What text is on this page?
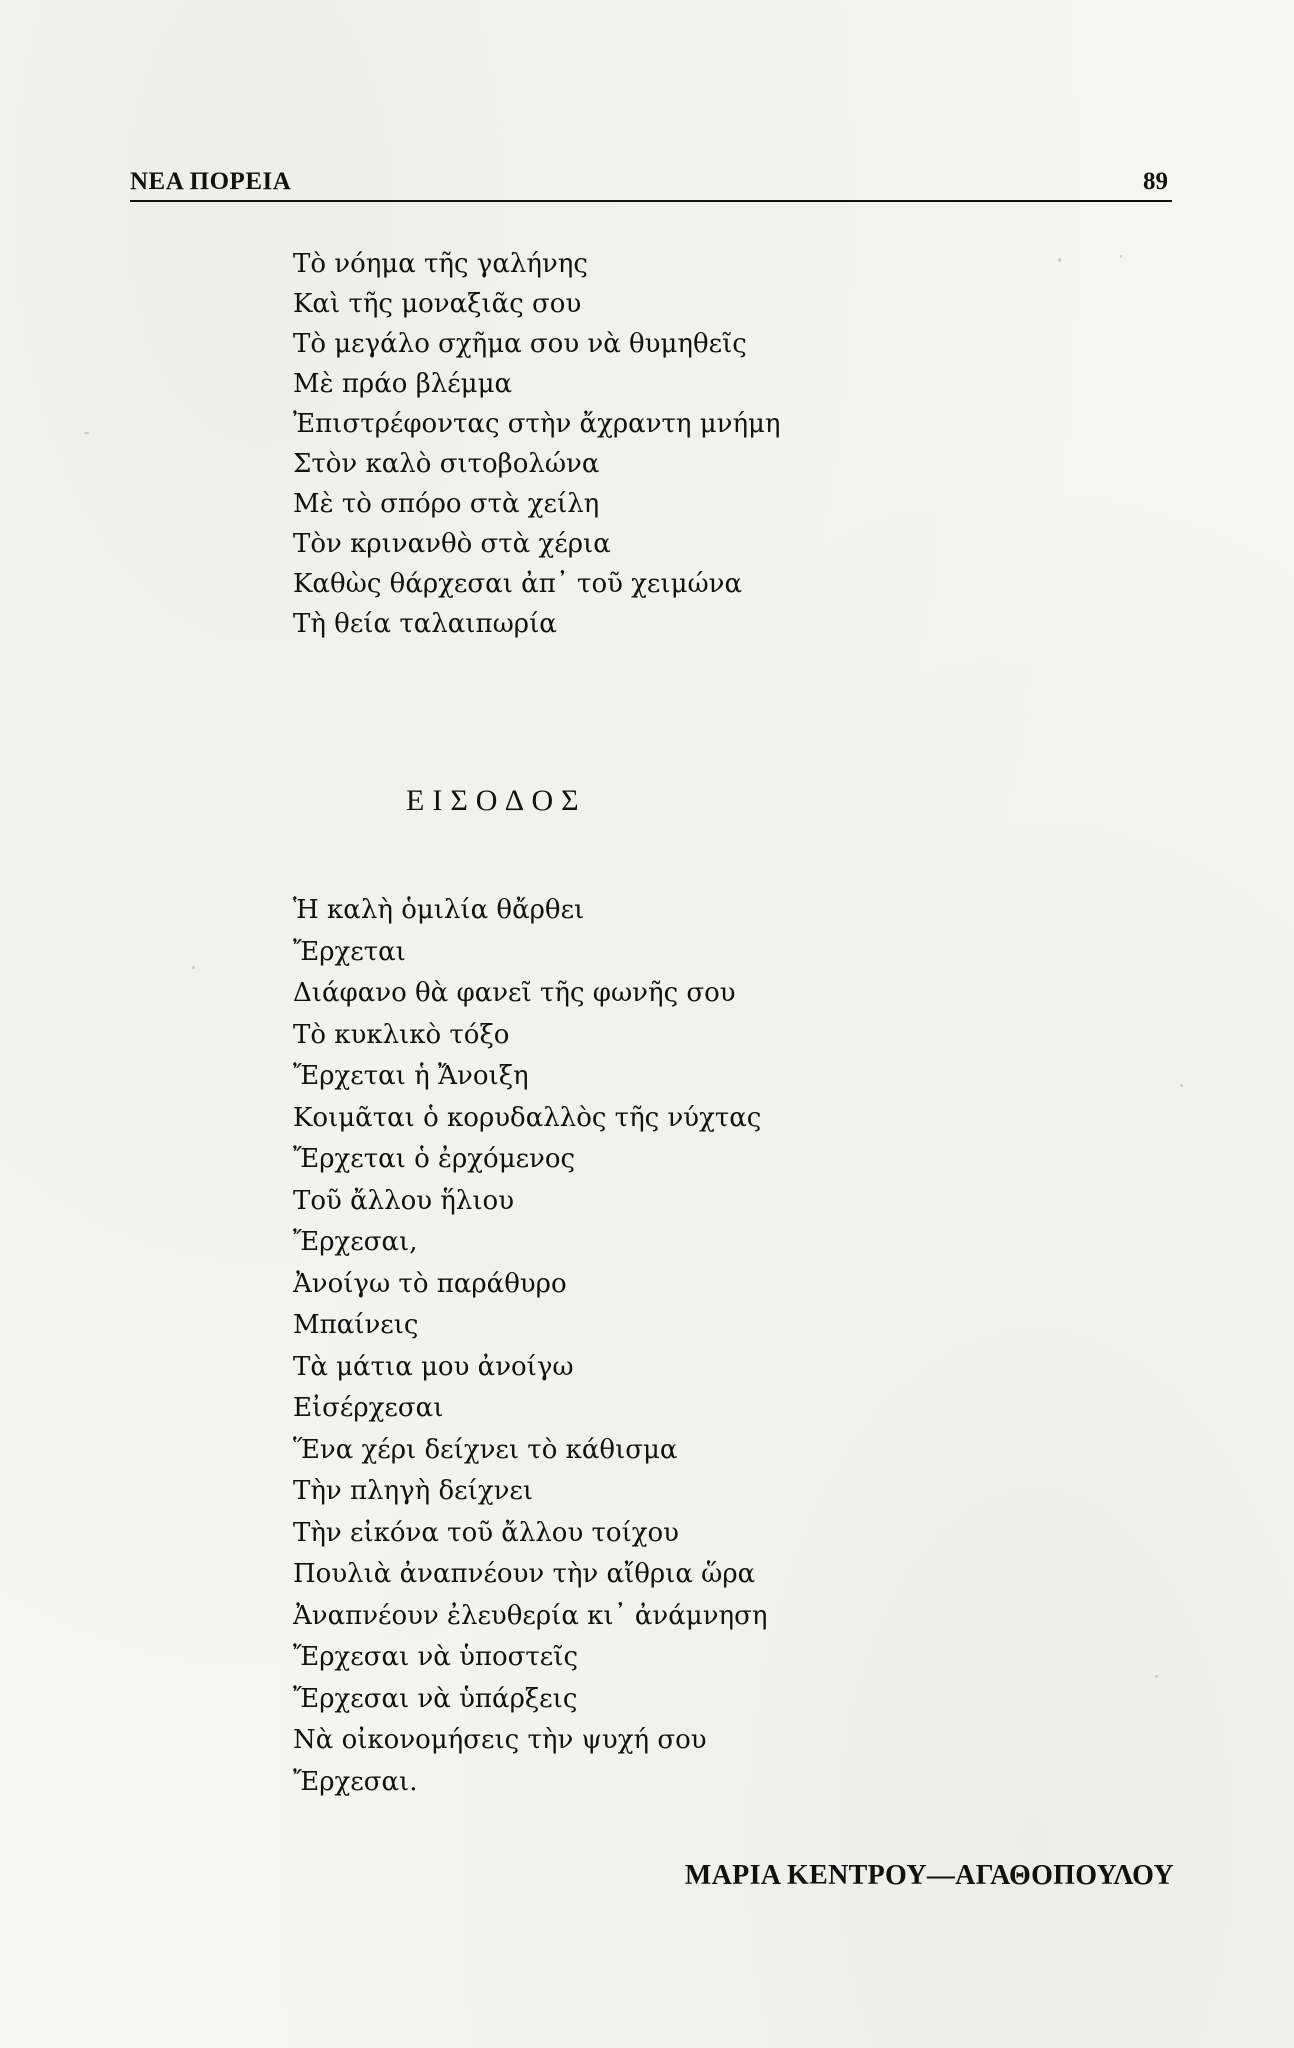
ΝΕΑ ΠΟΡΕΙΑ	89
Τὸ νόημα τῆς γαλήνης
Καὶ τῆς μοναξιᾶς σου
Τὸ μεγάλο σχῆμα σου νὰ θυμηθεῖς
Μὲ πράο βλέμμα
Ἐπιστρέφοντας στὴν ἄχραντη μνήμη
Στὸν καλὸ σιτοβολώνα
Μὲ τὸ σπόρο στὰ χείλη
Τὸν κρινανθὸ στὰ χέρια
Καθὼς θάρχεσαι ἀπ᾿ τοῦ χειμώνα
Τὴ θεία ταλαιπωρία
ΕΙΣΟΔΟΣ
Ἡ καλὴ ὁμιλία θἄρθει
Ἔρχεται
Διάφανο θὰ φανεῖ τῆς φωνῆς σου
Τὸ κυκλικὸ τόξο
Ἔρχεται ἡ Ἄνοιξη
Κοιμᾶται ὁ κορυδαλλὸς τῆς νύχτας
Ἔρχεται ὁ ἐρχόμενος
Τοῦ ἄλλου ἥλιου
Ἔρχεσαι,
Ἀνοίγω τὸ παράθυρο
Μπαίνεις
Τὰ μάτια μου ἀνοίγω
Εἰσέρχεσαι
Ἕνα χέρι δείχνει τὸ κάθισμα
Τὴν πληγὴ δείχνει
Τὴν εἰκόνα τοῦ ἄλλου τοίχου
Πουλιὰ ἀναπνέουν τὴν αἴθρια ὥρα
Ἀναπνέουν ἐλευθερία κι᾿ ἀνάμνηση
Ἔρχεσαι νὰ ὑποστεῖς
Ἔρχεσαι νὰ ὑπάρξεις
Νὰ οἰκονομήσεις τὴν ψυχή σου
Ἔρχεσαι.
ΜΑΡΙΑ ΚΕΝΤΡΟΥ—ΑΓΑΘΟΠΟΥΛΟΥ
